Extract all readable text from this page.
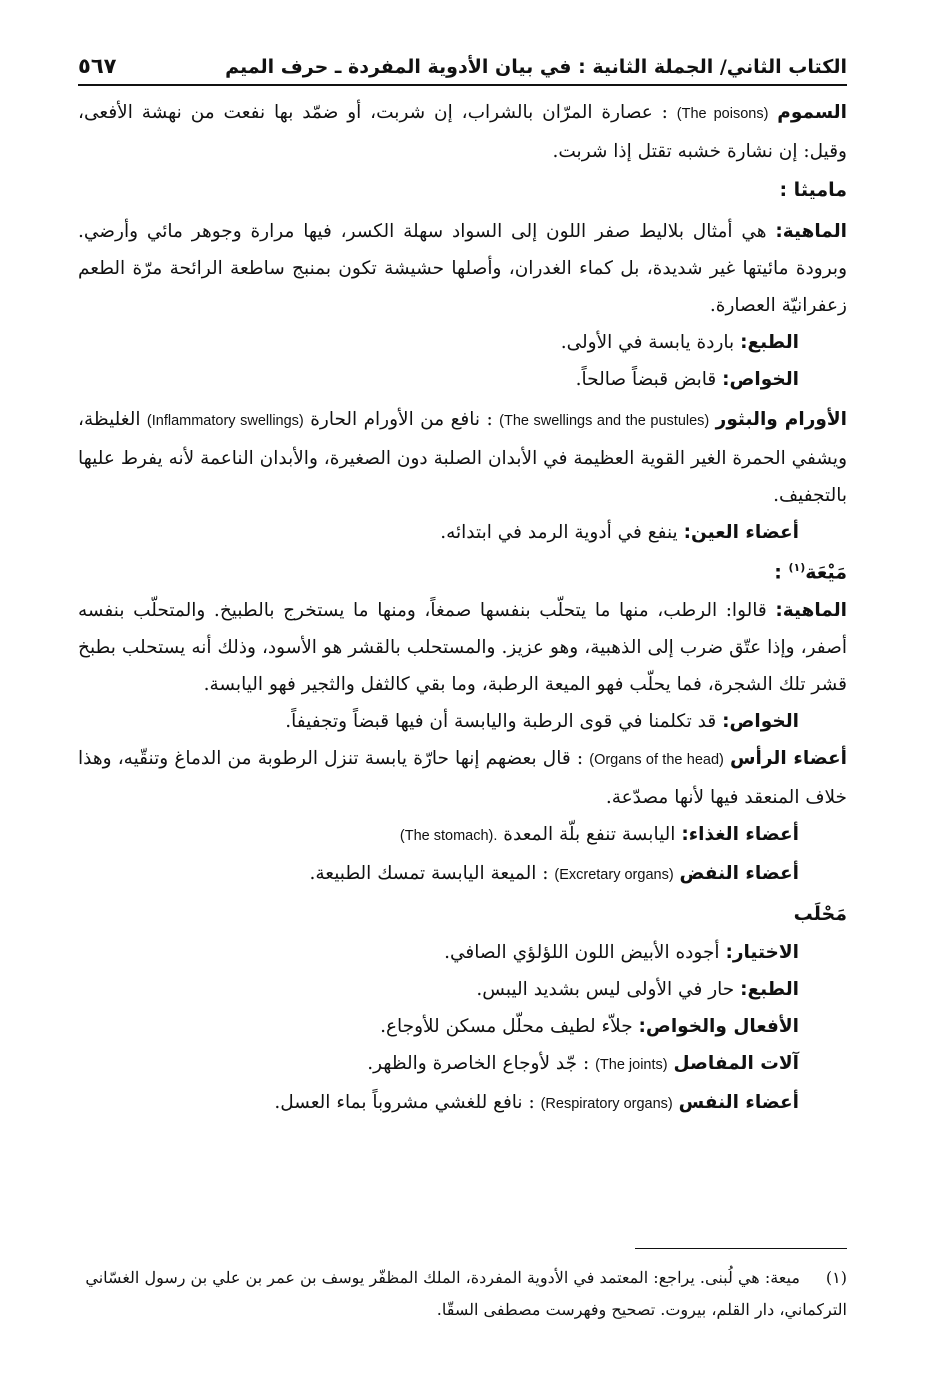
الكتاب الثاني/ الجملة الثانية : في بيان الأدوية المفردة ـ حرف الميم
٥٦٧

السموم (The poisons) : عصارة المرّان بالشراب، إن شربت، أو ضمّد بها نفعت من نهشة الأفعى، وقيل: إن نشارة خشبه تقتل إذا شربت.

ماميثا :

الماهية: هي أمثال بلاليط صفر اللون إلى السواد سهلة الكسر، فيها مرارة وجوهر مائي وأرضي. وبرودة مائيتها غير شديدة، بل كماء الغدران، وأصلها حشيشة تكون بمنبج ساطعة الرائحة مرّة الطعم زعفرانيّة العصارة.

الطبع: باردة يابسة في الأولى.

الخواص: قابض قبضاً صالحاً.

الأورام والبثور (The swellings and the pustules) : نافع من الأورام الحارة (Inflammatory swellings) الغليظة، ويشفي الحمرة الغير القوية العظيمة في الأبدان الصلبة دون الصغيرة، والأبدان الناعمة لأنه يفرط عليها بالتجفيف.

أعضاء العين: ينفع في أدوية الرمد في ابتدائه.

مَيْعَة$^{(١)}$ :

الماهية: قالوا: الرطب، منها ما يتحلّب بنفسها صمغاً، ومنها ما يستخرج بالطبيخ. والمتحلّب بنفسه أصفر، وإذا عتّق ضرب إلى الذهبية، وهو عزيز. والمستحلب بالقشر هو الأسود، وذلك أنه يستحلب بطبخ قشر تلك الشجرة، فما يحلّب فهو الميعة الرطبة، وما بقي كالثفل والثجير فهو اليابسة.

الخواص: قد تكلمنا في قوى الرطبة واليابسة أن فيها قبضاً وتجفيفاً.

أعضاء الرأس (Organs of the head) : قال بعضهم إنها حارّة يابسة تنزل الرطوبة من الدماغ وتنقّيه، وهذا خلاف المنعقد فيها لأنها مصدّعة.

أعضاء الغذاء: اليابسة تنفع بلّة المعدة (The stomach).

أعضاء النفض (Excretary organs) : الميعة اليابسة تمسك الطبيعة.

مَحْلَب

الاختيار: أجوده الأبيض اللون اللؤلؤي الصافي.

الطبع: حار في الأولى ليس بشديد اليبس.

الأفعال والخواص: جلاّء لطيف محلّل مسكن للأوجاع.

آلات المفاصل (The joints) : جّد لأوجاع الخاصرة والظهر.

أعضاء النفس (Respiratory organs) : نافع للغشي مشروباً بماء العسل.

(١) ميعة: هي لُبنى. يراجع: المعتمد في الأدوية المفردة، الملك المظفّر يوسف بن عمر بن علي بن رسول الغسّاني التركماني، دار القلم، بيروت. تصحيح وفهرست مصطفى السقّا.
